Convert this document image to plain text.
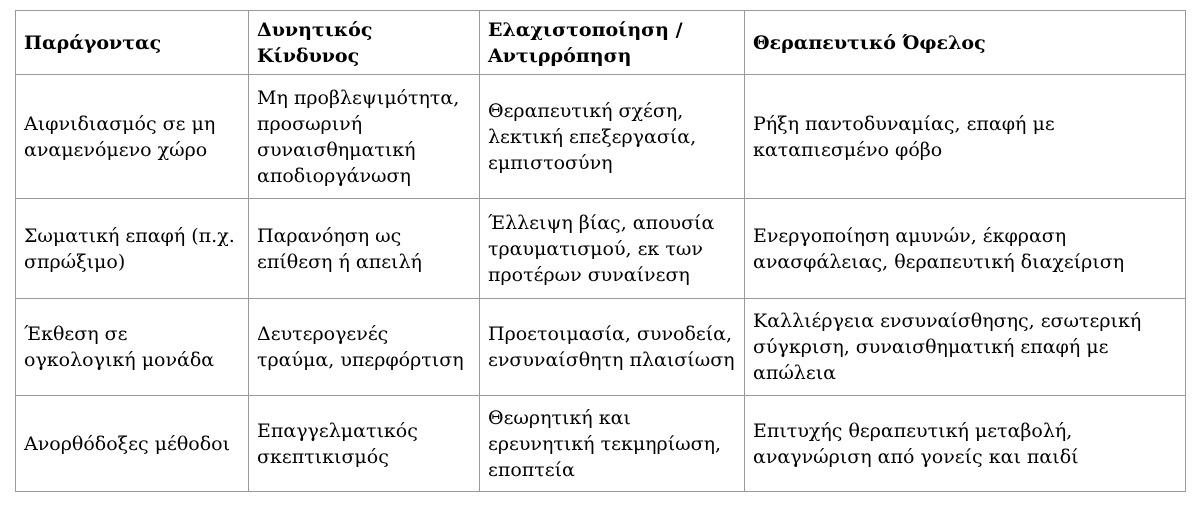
Παράγοντας	Δυνητικός Κίνδυνος	Ελαχιστοποίηση / Αντιρρόπηση	Θεραπευτικό Όφελος
Αιφνιδιασμός σε μη αναμενόμενο χώρο	Μη προβλεψιμότητα, προσωρινή συναισθηματική αποδιοργάνωση	Θεραπευτική σχέση, λεκτική επεξεργασία, εμπιστοσύνη	Ρήξη παντοδυναμίας, επαφή με καταπιεσμένο φόβο
Σωματική επαφή (π.χ. σπρώξιμο)	Παρανόηση ως επίθεση ή απειλή	Έλλειψη βίας, απουσία τραυματισμού, εκ των προτέρων συναίνεση	Ενεργοποίηση αμυνών, έκφραση ανασφάλειας, θεραπευτική διαχείριση
Έκθεση σε ογκολογική μονάδα	Δευτερογενές τραύμα, υπερφόρτιση	Προετοιμασία, συνοδεία, ενσυναίσθητη πλαισίωση	Καλλιέργεια ενσυναίσθησης, εσωτερική σύγκριση, συναισθηματική επαφή με απώλεια
Ανορθόδοξες μέθοδοι	Επαγγελματικός σκεπτικισμός	Θεωρητική και ερευνητική τεκμηρίωση, εποπτεία	Επιτυχής θεραπευτική μεταβολή, αναγνώριση από γονείς και παιδί
